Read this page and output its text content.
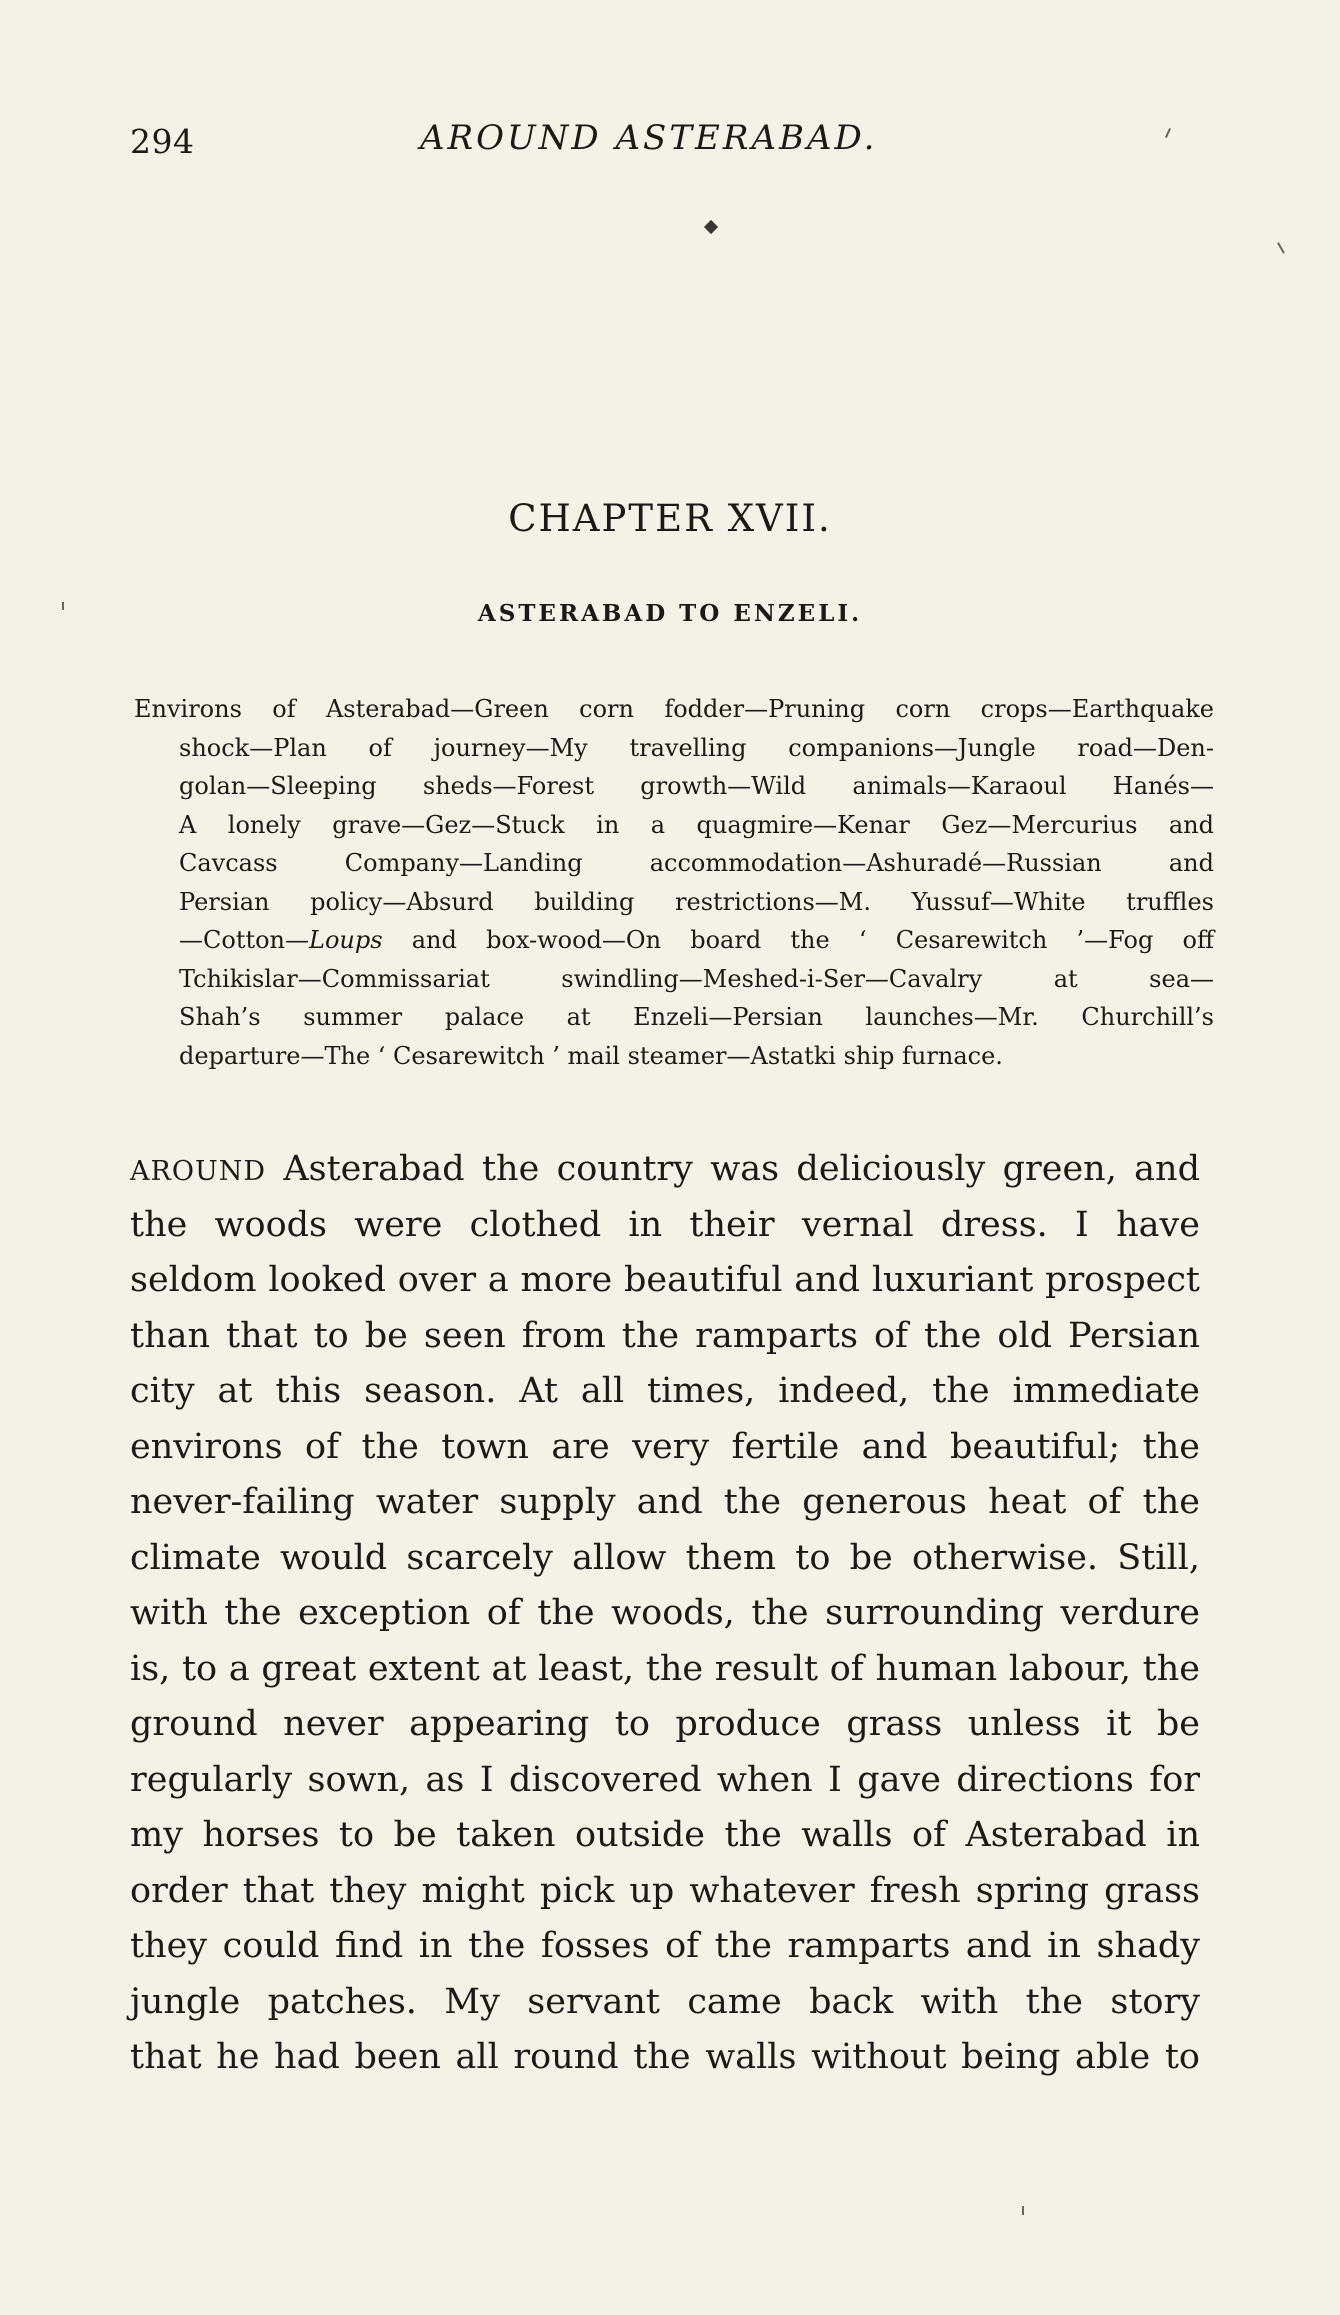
294	AROUND ASTERABAD.
CHAPTER XVII.
ASTERABAD TO ENZELI.
Environs of Asterabad—Green corn fodder—Pruning corn crops—Earthquake
shock—Plan of journey—My travelling companions—Jungle road—Den-
golan—Sleeping sheds—Forest growth—Wild animals—Karaoul Hanés—
A lonely grave—Gez—Stuck in a quagmire—Kenar Gez—Mercurius and
Cavcass Company—Landing accommodation—Ashuradé—Russian and
Persian policy—Absurd building restrictions—M. Yussuf—White truffles
—Cotton—Loups and box-wood—On board the ‘ Cesarewitch ’—Fog off
Tchikislar—Commissariat swindling—Meshed-i-Ser—Cavalry at sea—
Shah’s summer palace at Enzeli—Persian launches—Mr. Churchill’s
departure—The ‘ Cesarewitch ’ mail steamer—Astatki ship furnace.
AROUND Asterabad the country was deliciously green, and
the woods were clothed in their vernal dress. I have
seldom looked over a more beautiful and luxuriant prospect
than that to be seen from the ramparts of the old Persian
city at this season. At all times, indeed, the immediate
environs of the town are very fertile and beautiful; the
never-failing water supply and the generous heat of the
climate would scarcely allow them to be otherwise. Still,
with the exception of the woods, the surrounding verdure
is, to a great extent at least, the result of human labour, the
ground never appearing to produce grass unless it be
regularly sown, as I discovered when I gave directions for
my horses to be taken outside the walls of Asterabad in
order that they might pick up whatever fresh spring grass
they could find in the fosses of the ramparts and in shady
jungle patches. My servant came back with the story
that he had been all round the walls without being able to
